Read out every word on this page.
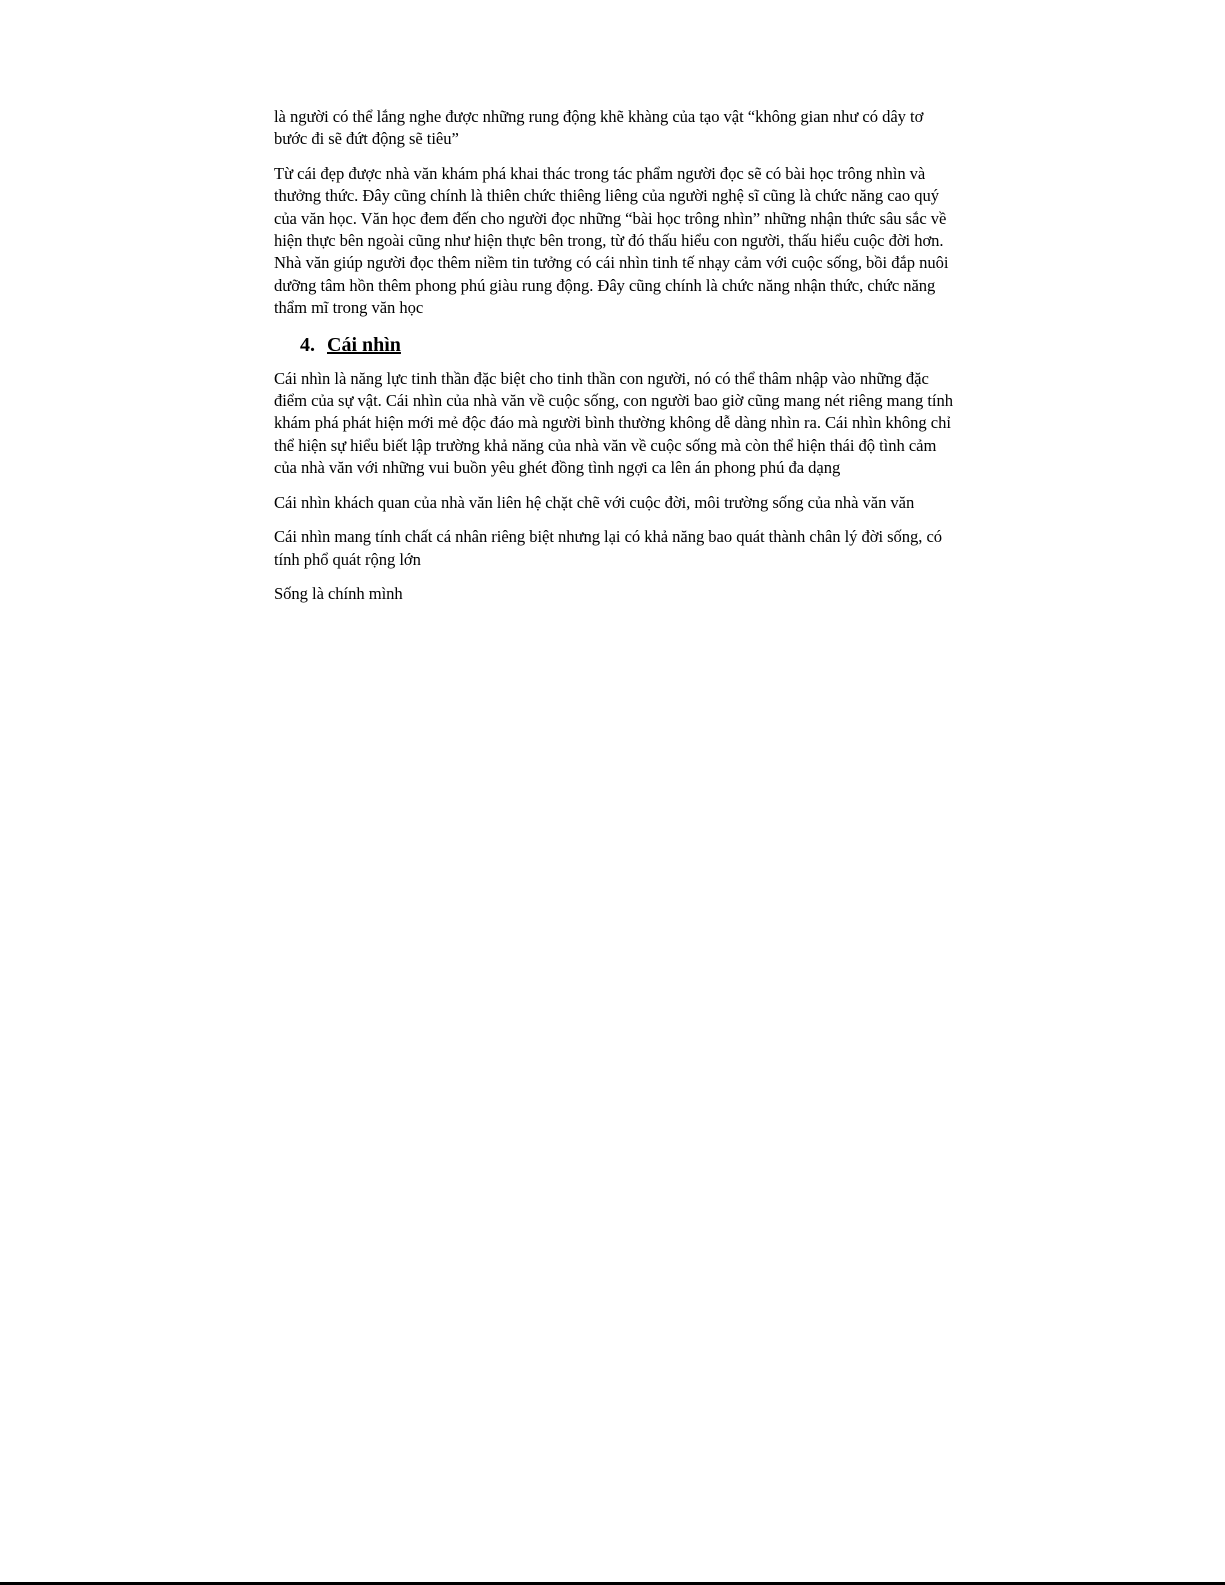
là người có thể lắng nghe được những rung động khẽ khàng của tạo vật “không gian như có dây tơ bước đi sẽ đứt động sẽ tiêu”

Từ cái đẹp được nhà văn khám phá khai thác trong tác phẩm người đọc sẽ có bài học trông nhìn và thưởng thức. Đây cũng chính là thiên chức thiêng liêng của người nghệ sĩ cũng là chức năng cao quý của văn học. Văn học đem đến cho người đọc những “bài học trông nhìn” những nhận thức sâu sắc về hiện thực bên ngoài cũng như hiện thực bên trong, từ đó thấu hiểu con người, thấu hiểu cuộc đời hơn. Nhà văn giúp người đọc thêm niềm tin tưởng có cái nhìn tinh tế nhạy cảm với cuộc sống, bồi đắp nuôi dưỡng tâm hồn thêm phong phú giàu rung động. Đây cũng chính là chức năng nhận thức, chức năng thẩm mĩ trong văn học

4. Cái nhìn

Cái nhìn là năng lực tinh thần đặc biệt cho tinh thần con người, nó có thể thâm nhập vào những đặc điểm của sự vật. Cái nhìn của nhà văn về cuộc sống, con người bao giờ cũng mang nét riêng mang tính khám phá phát hiện mới mẻ độc đáo mà người bình thường không dễ dàng nhìn ra. Cái nhìn không chỉ thể hiện sự hiểu biết lập trường khả năng của nhà văn về cuộc sống mà còn thể hiện thái độ tình cảm của nhà văn với những vui buồn yêu ghét đồng tình ngợi ca lên án phong phú đa dạng

Cái nhìn khách quan của nhà văn liên hệ chặt chẽ với cuộc đời, môi trường sống của nhà văn văn

Cái nhìn mang tính chất cá nhân riêng biệt nhưng lại có khả năng bao quát thành chân lý đời sống, có tính phổ quát rộng lớn

Sống là chính mình
